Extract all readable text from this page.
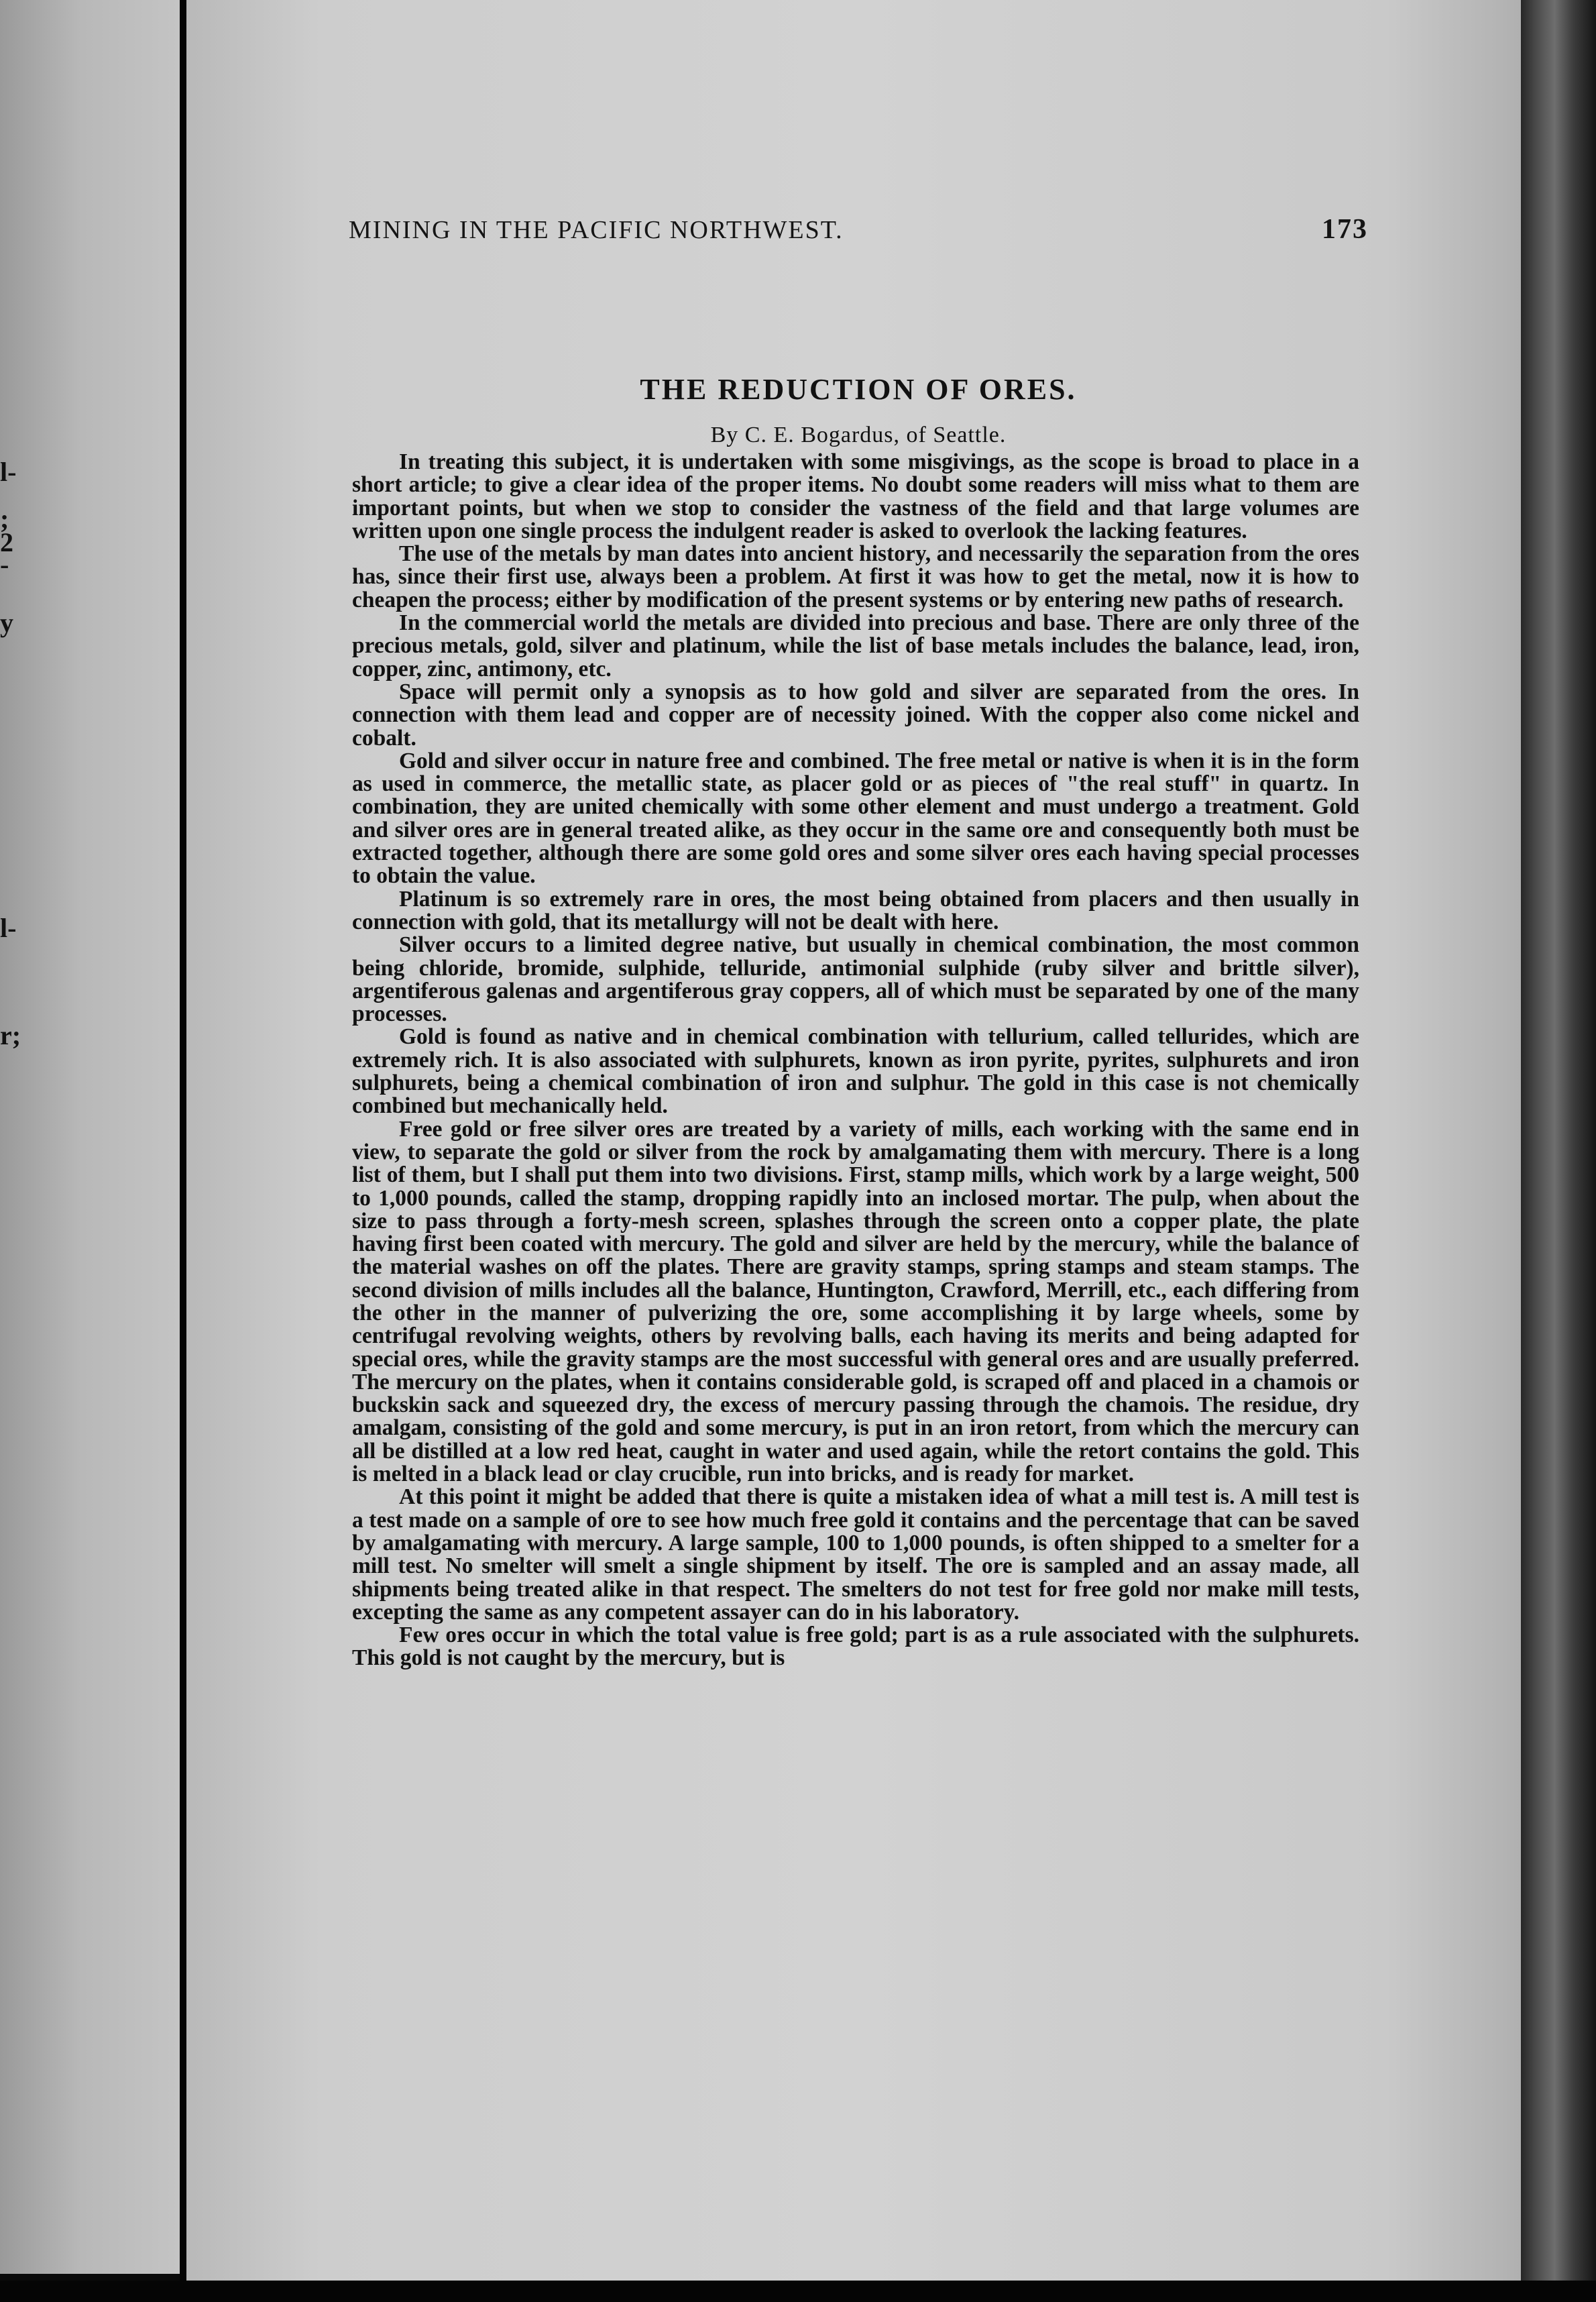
l-
;
2
-
y
l-
r;
MINING IN THE PACIFIC NORTHWEST.	173
THE REDUCTION OF ORES.
By C. E. Bogardus, of Seattle.

In treating this subject, it is undertaken with some misgivings, as the scope is broad to place in a short article; to give a clear idea of the proper items. No doubt some readers will miss what to them are important points, but when we stop to consider the vastness of the field and that large volumes are written upon one single process the indulgent reader is asked to overlook the lacking features.

The use of the metals by man dates into ancient history, and necessarily the separation from the ores has, since their first use, always been a problem. At first it was how to get the metal, now it is how to cheapen the process; either by modification of the present systems or by entering new paths of research.

In the commercial world the metals are divided into precious and base. There are only three of the precious metals, gold, silver and platinum, while the list of base metals includes the balance, lead, iron, copper, zinc, antimony, etc.

Space will permit only a synopsis as to how gold and silver are separated from the ores. In connection with them lead and copper are of necessity joined. With the copper also come nickel and cobalt.

Gold and silver occur in nature free and combined. The free metal or native is when it is in the form as used in commerce, the metallic state, as placer gold or as pieces of "the real stuff" in quartz. In combination, they are united chemically with some other element and must undergo a treatment. Gold and silver ores are in general treated alike, as they occur in the same ore and consequently both must be extracted together, although there are some gold ores and some silver ores each having special processes to obtain the value.

Platinum is so extremely rare in ores, the most being obtained from placers and then usually in connection with gold, that its metallurgy will not be dealt with here.

Silver occurs to a limited degree native, but usually in chemical combination, the most common being chloride, bromide, sulphide, telluride, antimonial sulphide (ruby silver and brittle silver), argentiferous galenas and argentiferous gray coppers, all of which must be separated by one of the many processes.

Gold is found as native and in chemical combination with tellurium, called tellurides, which are extremely rich. It is also associated with sulphurets, known as iron pyrite, pyrites, sulphurets and iron sulphurets, being a chemical combination of iron and sulphur. The gold in this case is not chemically combined but mechanically held.

Free gold or free silver ores are treated by a variety of mills, each working with the same end in view, to separate the gold or silver from the rock by amalgamating them with mercury. There is a long list of them, but I shall put them into two divisions. First, stamp mills, which work by a large weight, 500 to 1,000 pounds, called the stamp, dropping rapidly into an inclosed mortar. The pulp, when about the size to pass through a forty-mesh screen, splashes through the screen onto a copper plate, the plate having first been coated with mercury. The gold and silver are held by the mercury, while the balance of the material washes on off the plates. There are gravity stamps, spring stamps and steam stamps. The second division of mills includes all the balance, Huntington, Crawford, Merrill, etc., each differing from the other in the manner of pulverizing the ore, some accomplishing it by large wheels, some by centrifugal revolving weights, others by revolving balls, each having its merits and being adapted for special ores, while the gravity stamps are the most successful with general ores and are usually preferred. The mercury on the plates, when it contains considerable gold, is scraped off and placed in a chamois or buckskin sack and squeezed dry, the excess of mercury passing through the chamois. The residue, dry amalgam, consisting of the gold and some mercury, is put in an iron retort, from which the mercury can all be distilled at a low red heat, caught in water and used again, while the retort contains the gold. This is melted in a black lead or clay crucible, run into bricks, and is ready for market.

At this point it might be added that there is quite a mistaken idea of what a mill test is. A mill test is a test made on a sample of ore to see how much free gold it contains and the percentage that can be saved by amalgamating with mercury. A large sample, 100 to 1,000 pounds, is often shipped to a smelter for a mill test. No smelter will smelt a single shipment by itself. The ore is sampled and an assay made, all shipments being treated alike in that respect. The smelters do not test for free gold nor make mill tests, excepting the same as any competent assayer can do in his laboratory.

Few ores occur in which the total value is free gold; part is as a rule associated with the sulphurets. This gold is not caught by the mercury, but is
